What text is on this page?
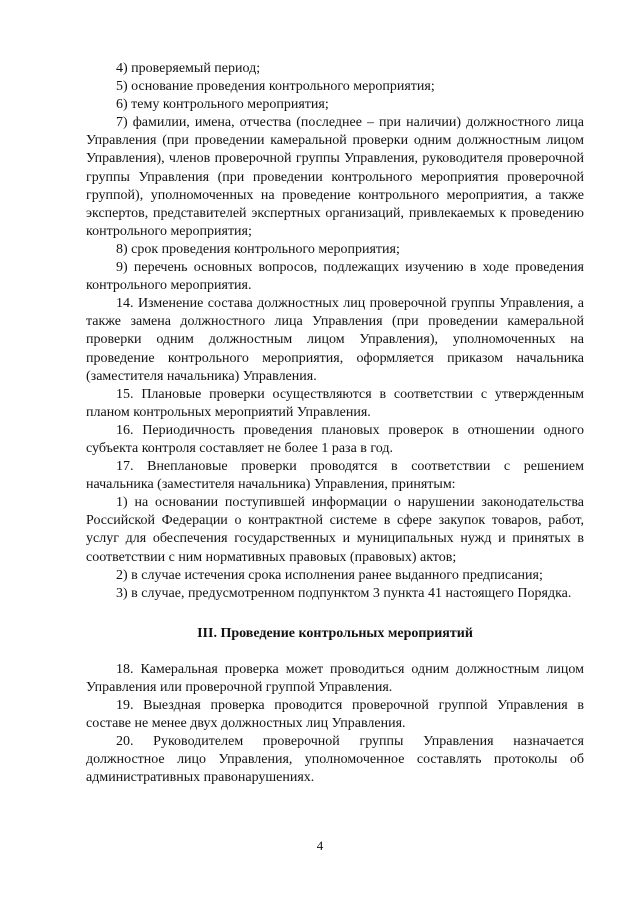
4) проверяемый период;

5) основание проведения контрольного мероприятия;

6) тему контрольного мероприятия;

7) фамилии, имена, отчества (последнее – при наличии) должностного лица Управления (при проведении камеральной проверки одним должностным лицом Управления), членов проверочной группы Управления, руководителя проверочной группы Управления (при проведении контрольного мероприятия проверочной группой), уполномоченных на проведение контрольного мероприятия, а также экспертов, представителей экспертных организаций, привлекаемых к проведению контрольного мероприятия;

8) срок проведения контрольного мероприятия;

9) перечень основных вопросов, подлежащих изучению в ходе проведения контрольного мероприятия.

14. Изменение состава должностных лиц проверочной группы Управления, а также замена должностного лица Управления (при проведении камеральной проверки одним должностным лицом Управления), уполномоченных на проведение контрольного мероприятия, оформляется приказом начальника (заместителя начальника) Управления.

15. Плановые проверки осуществляются в соответствии с утвержденным планом контрольных мероприятий Управления.

16. Периодичность проведения плановых проверок в отношении одного субъекта контроля составляет не более 1 раза в год.

17. Внеплановые проверки проводятся в соответствии с решением начальника (заместителя начальника) Управления, принятым:

1) на основании поступившей информации о нарушении законодательства Российской Федерации о контрактной системе в сфере закупок товаров, работ, услуг для обеспечения государственных и муниципальных нужд и принятых в соответствии с ним нормативных правовых (правовых) актов;

2) в случае истечения срока исполнения ранее выданного предписания;

3) в случае, предусмотренном подпунктом 3 пункта 41 настоящего Порядка.

III. Проведение контрольных мероприятий

18. Камеральная проверка может проводиться одним должностным лицом Управления или проверочной группой Управления.

19. Выездная проверка проводится проверочной группой Управления в составе не менее двух должностных лиц Управления.

20. Руководителем проверочной группы Управления назначается должностное лицо Управления, уполномоченное составлять протоколы об административных правонарушениях.

4
